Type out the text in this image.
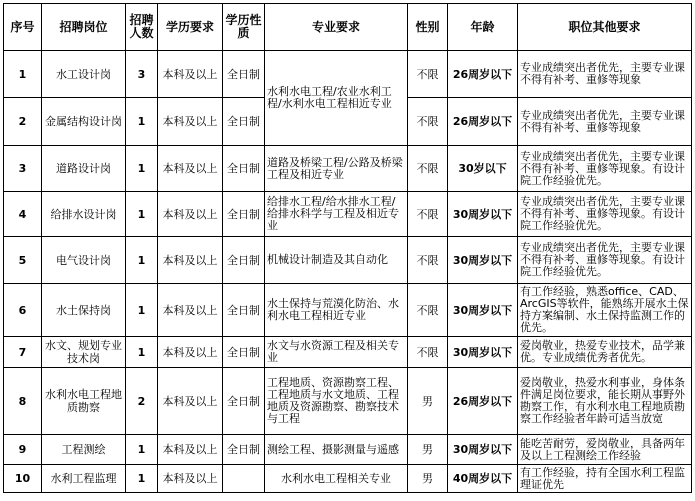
序号	招聘岗位	招聘人数	学历要求	学历性质	专业要求	性别	年龄	职位其他要求
1	水工设计岗	3	本科及以上	全日制	水利水电工程/农业水利工程/水利水电工程相近专业	不限	26周岁以下	专业成绩突出者优先，主要专业课不得有补考、重修等现象
2	金属结构设计岗	1	本科及以上	全日制		不限	26周岁以下	专业成绩突出者优先，主要专业课不得有补考、重修等现象
3	道路设计岗	1	本科及以上	全日制	道路及桥梁工程/公路及桥梁工程及相近专业	不限	30岁以下	专业成绩突出者优先，主要专业课不得有补考、重修等现象。有设计院工作经验优先。
4	给排水设计岗	1	本科及以上	全日制	给排水工程/给水排水工程/给排水科学与工程及相近专业	不限	30周岁以下	专业成绩突出者优先，主要专业课不得有补考、重修等现象。有设计院工作经验优先。
5	电气设计岗	1	本科及以上	全日制	机械设计制造及其自动化	不限	30周岁以下	专业成绩突出者优先，主要专业课不得有补考、重修等现象。有设计院工作经验优先。
6	水土保持岗	1	本科及以上	全日制	水土保持与荒漠化防治、水利水电工程相近专业	不限	30周岁以下	有工作经验，熟悉office、CAD、ArcGIS等软件，能熟练开展水土保持方案编制、水土保持监测工作的优先。
7	水文、规划专业技术岗	1	本科及以上	全日制	水文与水资源工程及相关专业	不限	30周岁以下	爱岗敬业，热爱专业技术，品学兼优。专业成绩优秀者优先。
8	水利水电工程地质勘察	2	本科及以上	全日制	工程地质、资源勘察工程、工程地质与水文地质、工程地质及资源勘察、勘察技术与工程	男	26周岁以下	爱岗敬业，热爱水利事业，身体条件满足岗位要求，能长期从事野外勘察工作，有水利水电工程地质勘察工作经验者年龄可适当放宽
9	工程测绘	1	本科及以上	全日制	测绘工程、摄影测量与遥感	男	30周岁以下	能吃苦耐劳，爱岗敬业，具备两年及以上工程测绘工作经验
10	水利工程监理	1	本科及以上		水利水电工程相关专业	男	40周岁以下	有工作经验，持有全国水利工程监理证优先
